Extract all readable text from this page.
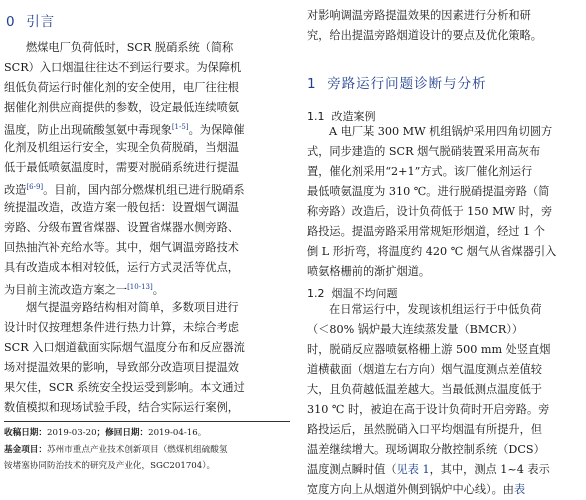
0 引言
燃煤电厂负荷低时，SCR 脱硝系统（简称
SCR）入口烟温往往达不到运行要求。为保障机
组低负荷运行时催化剂的安全使用，电厂往往根
据催化剂供应商提供的参数，设定最低连续喷氨
温度，防止出现硫酸氢氨中毒现象[1-5]。为保障催
化剂及机组运行安全，实现全负荷脱硝，当烟温
低于最低喷氨温度时，需要对脱硝系统进行提温
改造[6-9]。目前，国内部分燃煤机组已进行脱硝系
统提温改造，改造方案一般包括：设置烟气调温
旁路、分级布置省煤器、设置省煤器水侧旁路、
回热抽汽补充给水等。其中，烟气调温旁路技术
具有改造成本相对较低，运行方式灵活等优点，
为目前主流改造方案之一[10-13]。
烟气提温旁路结构相对简单，多数项目进行
设计时仅按理想条件进行热力计算，未综合考虑
SCR 入口烟道截面实际烟气温度分布和反应器流
场对提温效果的影响，导致部分改造项目提温效
果欠佳，SCR 系统安全投运受到影响。本文通过
数值模拟和现场试验手段，结合实际运行案例，
收稿日期：2019-03-20；修回日期：2019-04-16。
基金项目：苏州市重点产业技术创新项目（燃煤机组硫酸氢
铵堵塞协同防治技术的研究及产业化，SGC201704）。
对影响调温旁路提温效果的因素进行分析和研
究，给出提温旁路烟道设计的要点及优化策略。
1 旁路运行问题诊断与分析
1.1 改造案例
A 电厂某 300 MW 机组锅炉采用四角切圆方
式，同步建造的 SCR 烟气脱硝装置采用高灰布
置，催化剂采用“2+1”方式。该厂催化剂运行
最低喷氨温度为 310 ℃。进行脱硝提温旁路（简
称旁路）改造后，设计负荷低于 150 MW 时，旁
路投运。提温旁路采用常规矩形烟道，经过 1 个
倒 L 形折弯，将温度约 420 ℃ 烟气从省煤器引入
喷氨格栅前的渐扩烟道。
1.2 烟温不均问题
在日常运行中，发现该机组运行于中低负荷
（＜80% 锅炉最大连续蒸发量（BMCR））
时，脱硝反应器喷氨格栅上游 500 mm 处竖直烟
道横截面（烟道左右方向）烟气温度测点差值较
大，且负荷越低温差越大。当最低测点温度低于
310 ℃ 时，被迫在高于设计负荷时开启旁路。旁
路投运后，虽然脱硝入口平均烟温有所提升，但
温差继续增大。现场调取分散控制系统（DCS）
温度测点瞬时值（见表 1，其中，测点 1~4 表示
宽度方向上从烟道外侧到锅炉中心线）。由表
